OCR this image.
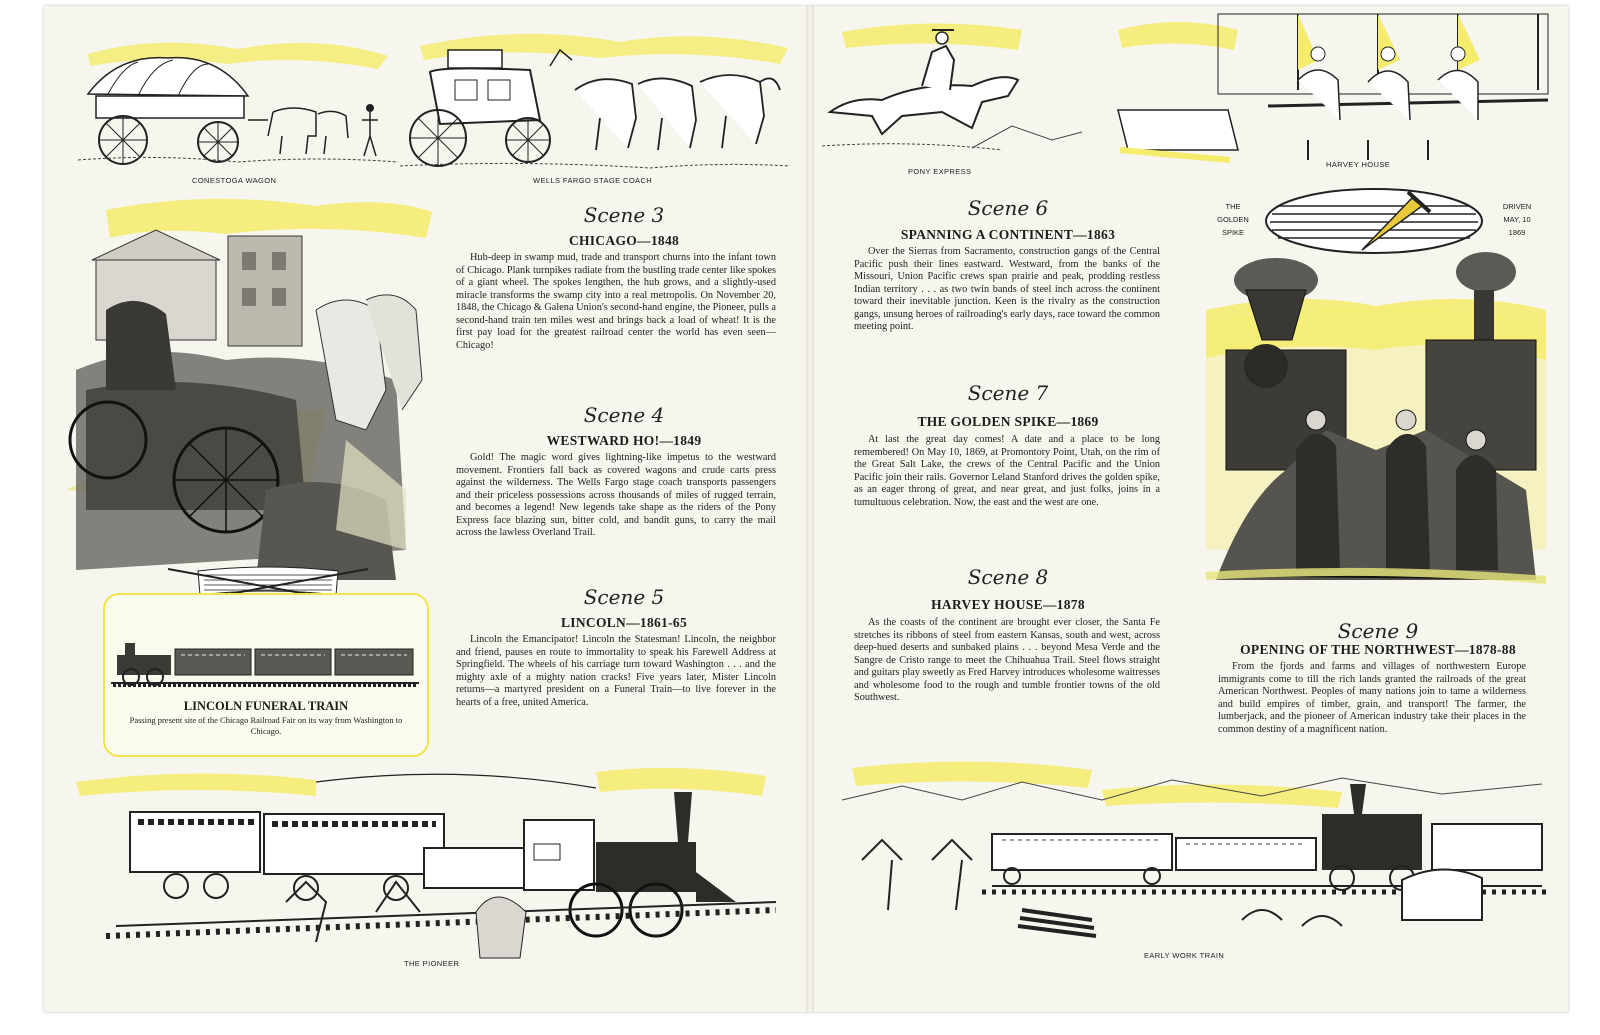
CONESTOGA WAGON	WELLS FARGO STAGE COACH
LINCOLN FUNERAL TRAIN
Passing present site of the Chicago Railroad Fair on its way from Washington to Chicago.
THE PIONEER
Scene 3
CHICAGO—1848
Hub-deep in swamp mud, trade and transport churns into the infant town of Chicago. Plank turnpikes radiate from the bustling trade center like spokes of a giant wheel. The spokes lengthen, the hub grows, and a slightly-used miracle transforms the swamp city into a real metropolis. On November 20, 1848, the Chicago & Galena Union's second-hand engine, the Pioneer, pulls a second-hand train ten miles west and brings back a load of wheat! It is the first pay load for the greatest railroad center the world has even seen—Chicago!
Scene 4
WESTWARD HO!—1849
Gold! The magic word gives lightning-like impetus to the westward movement. Frontiers fall back as covered wagons and crude carts press against the wilderness. The Wells Fargo stage coach transports passengers and their priceless possessions across thousands of miles of rugged terrain, and becomes a legend! New legends take shape as the riders of the Pony Express face blazing sun, bitter cold, and bandit guns, to carry the mail across the lawless Overland Trail.
Scene 5
LINCOLN—1861-65
Lincoln the Emancipator! Lincoln the Statesman! Lincoln, the neighbor and friend, pauses en route to immortality to speak his Farewell Address at Springfield. The wheels of his carriage turn toward Washington . . . and the mighty axle of a mighty nation cracks! Five years later, Mister Lincoln returns—a martyred president on a Funeral Train—to live forever in the hearts of a free, united America.
PONY EXPRESS
HARVEY HOUSE
THE
GOLDEN
SPIKE
DRIVEN
MAY, 10
1869
EARLY WORK TRAIN
Scene 6
SPANNING A CONTINENT—1863
Over the Sierras from Sacramento, construction gangs of the Central Pacific push their lines eastward. Westward, from the banks of the Missouri, Union Pacific crews span prairie and peak, prodding restless Indian territory . . . as two twin bands of steel inch across the continent toward their inevitable junction. Keen is the rivalry as the construction gangs, unsung heroes of railroading's early days, race toward the common meeting point.
Scene 7
THE GOLDEN SPIKE—1869
At last the great day comes! A date and a place to be long remembered! On May 10, 1869, at Promontory Point, Utah, on the rim of the Great Salt Lake, the crews of the Central Pacific and the Union Pacific join their rails. Governor Leland Stanford drives the golden spike, as an eager throng of great, and near great, and just folks, joins in a tumultuous celebration. Now, the east and the west are one.
Scene 8
HARVEY HOUSE—1878
As the coasts of the continent are brought ever closer, the Santa Fe stretches its ribbons of steel from eastern Kansas, south and west, across deep-hued deserts and sunbaked plains . . . beyond Mesa Verde and the Sangre de Cristo range to meet the Chihuahua Trail. Steel flows straight and guitars play sweetly as Fred Harvey introduces wholesome waitresses and wholesome food to the rough and tumble frontier towns of the old Southwest.
Scene 9
OPENING OF THE NORTHWEST—1878-88
From the fjords and farms and villages of northwestern Europe immigrants come to till the rich lands granted the railroads of the great American Northwest. Peoples of many nations join to tame a wilderness and build empires of timber, grain, and transport! The farmer, the lumberjack, and the pioneer of American industry take their places in the common destiny of a magnificent nation.
